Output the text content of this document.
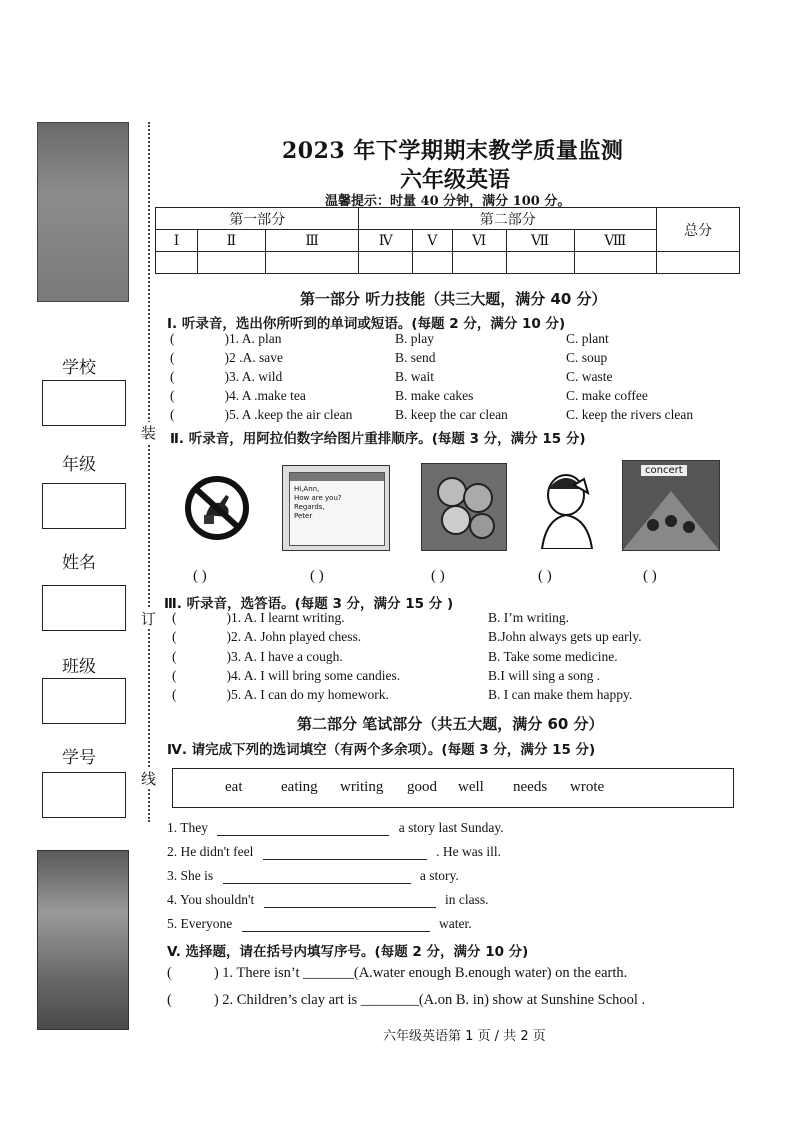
学校
年级
姓名
班级
学号
装
订
线
2023 年下学期期末教学质量监测
六年级英语
温馨提示：时量 40 分钟，满分 100 分。
第一部分			第二部分					总分
Ⅰ	Ⅱ	Ⅲ	Ⅳ	Ⅴ	Ⅵ	Ⅶ	Ⅷ	

第一部分 听力技能（共三大题，满分 40 分）
Ⅰ. 听录音，选出你所听到的单词或短语。(每题 2 分，满分 10 分)
(	)1. A. plan	B. play	C. plant
(	)2 .A. save	B. send	C. soup
(	)3. A. wild	B. wait	C. waste
(	)4. A .make tea	B. make cakes	C. make coffee
(	)5. A .keep the air clean	B. keep the car clean	C. keep the rivers clean
Ⅱ. 听录音，用阿拉伯数字给图片重排顺序。(每题 3 分，满分 15 分)
Hi,Ann,
How are you?
Regards,
Peter
concert
( )	( )	( )	( )	( )
Ⅲ. 听录音，选答语。(每题 3 分，满分 15 分 )
(	)1. A. I learnt writing.	B. I’m writing.
(	)2. A. John played chess.	B.John always gets up early.
(	)3. A. I have a cough.	B. Take some medicine.
(	)4. A. I will bring some candies.	B.I will sing a song .
(	)5. A. I can do my homework.	B. I can make them happy.
第二部分 笔试部分（共五大题，满分 60 分）
Ⅳ. 请完成下列的选词填空（有两个多余项）。(每题 3 分，满分 15 分)
eat	eating writing good well needs wrote
1. They	a story last Sunday.
2. He didn't feel	. He was ill.
3. She is	a story.
4. You shouldn't	in class.
5. Everyone	water.
V. 选择题，请在括号内填写序号。(每题 2 分，满分 10 分)
(	) 1. There isn’t _______(A.water enough B.enough water) on the earth.
(	) 2. Children’s clay art is ________(A.on B. in) show at Sunshine School .
六年级英语第 1 页 / 共 2 页
